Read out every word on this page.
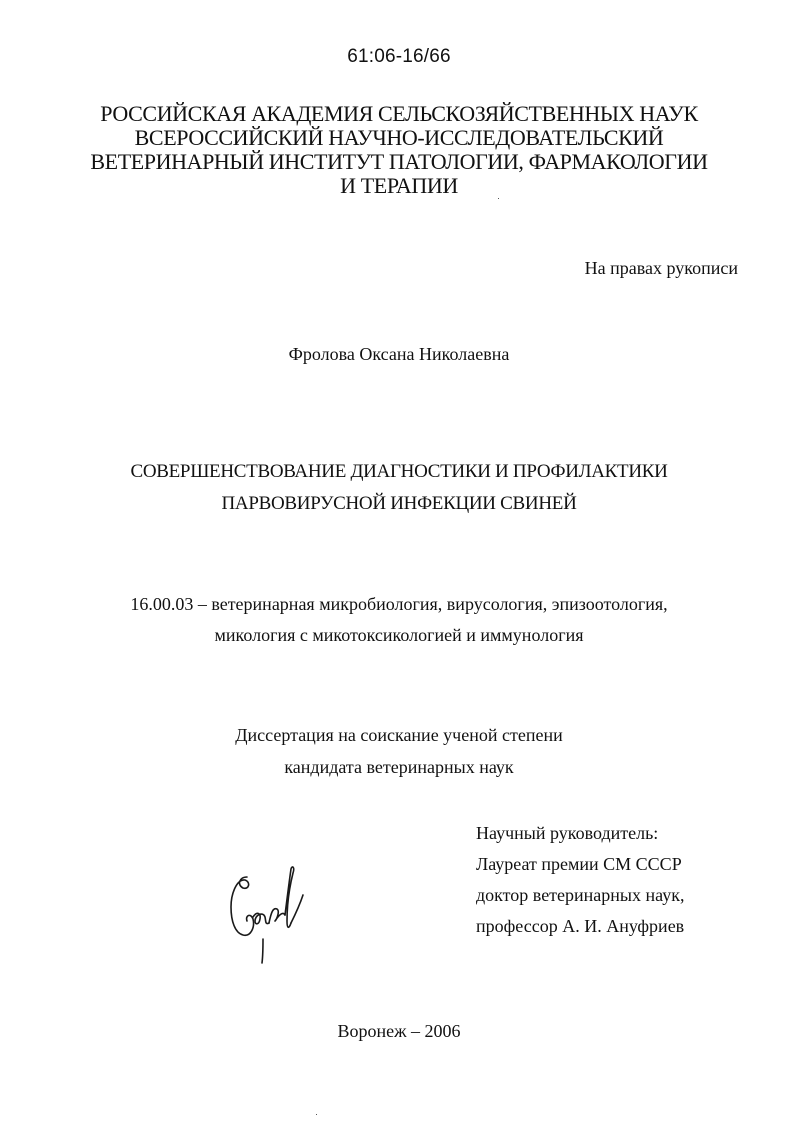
61:06-16/66
РОССИЙСКАЯ АКАДЕМИЯ СЕЛЬСКОЗЯЙСТВЕННЫХ НАУК
ВСЕРОССИЙСКИЙ НАУЧНО-ИССЛЕДОВАТЕЛЬСКИЙ
ВЕТЕРИНАРНЫЙ ИНСТИТУТ ПАТОЛОГИИ, ФАРМАКОЛОГИИ
И ТЕРАПИИ
На правах рукописи
Фролова Оксана Николаевна
СОВЕРШЕНСТВОВАНИЕ ДИАГНОСТИКИ И ПРОФИЛАКТИКИ
ПАРВОВИРУСНОЙ ИНФЕКЦИИ СВИНЕЙ
16.00.03 – ветеринарная микробиология, вирусология, эпизоотология,
микология с микотоксикологией и иммунология
Диссертация на соискание ученой степени
кандидата ветеринарных наук
Научный руководитель:
Лауреат премии СМ СССР
доктор ветеринарных наук,
профессор А. И. Ануфриев
Воронеж – 2006
